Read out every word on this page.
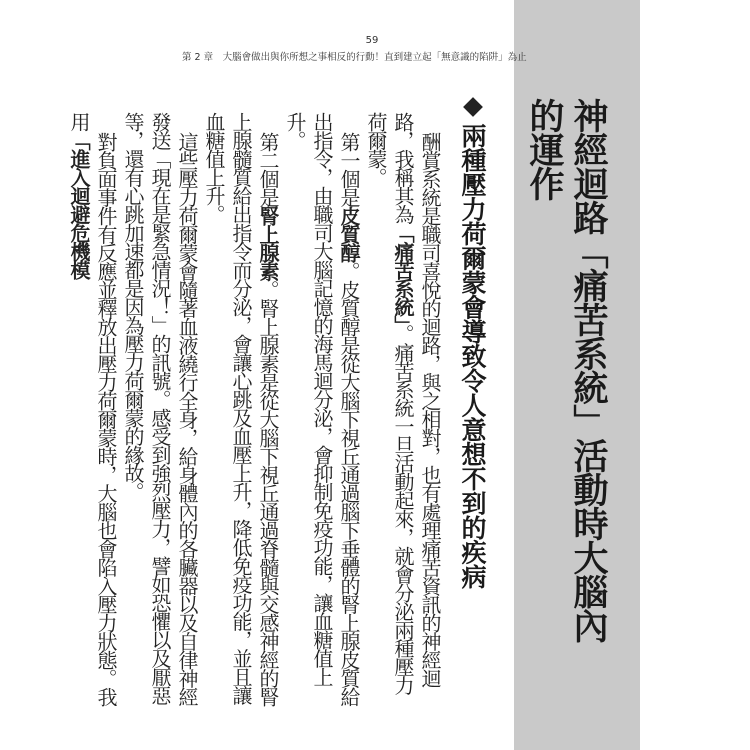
神經迴路「痛苦系統」活動時大腦內的運作
59
第 2 章　大腦會做出與你所想之事相反的行動！直到建立起「無意識的陷阱」為止
兩種壓力荷爾蒙會導致令人意想不到的疾病

酬賞系統是職司喜悅的迴路，與之相對，也有處理痛苦資訊的神經迴路，我稱其為「痛苦系統」。痛苦系統一旦活動起來，就會分泌兩種壓力荷爾蒙。

第一個是皮質醇。皮質醇是從大腦下視丘通過腦下垂體的腎上腺皮質給出指令，由職司大腦記憶的海馬迴分泌，會抑制免疫功能，讓血糖值上升。

第二個是腎上腺素。腎上腺素是從大腦下視丘通過脊髓與交感神經的腎上腺髓質給出指令而分泌，會讓心跳及血壓上升，降低免疫功能，並且讓血糖值上升。

這些壓力荷爾蒙會隨著血液繞行全身，給身體內的各臟器以及自律神經發送「現在是緊急情況！」的訊號。感受到強烈壓力，譬如恐懼以及厭惡等，還有心跳加速都是因為壓力荷爾蒙的緣故。

對負面事件有反應並釋放出壓力荷爾蒙時，大腦也會陷入壓力狀態。我用「進入迴避危機模
